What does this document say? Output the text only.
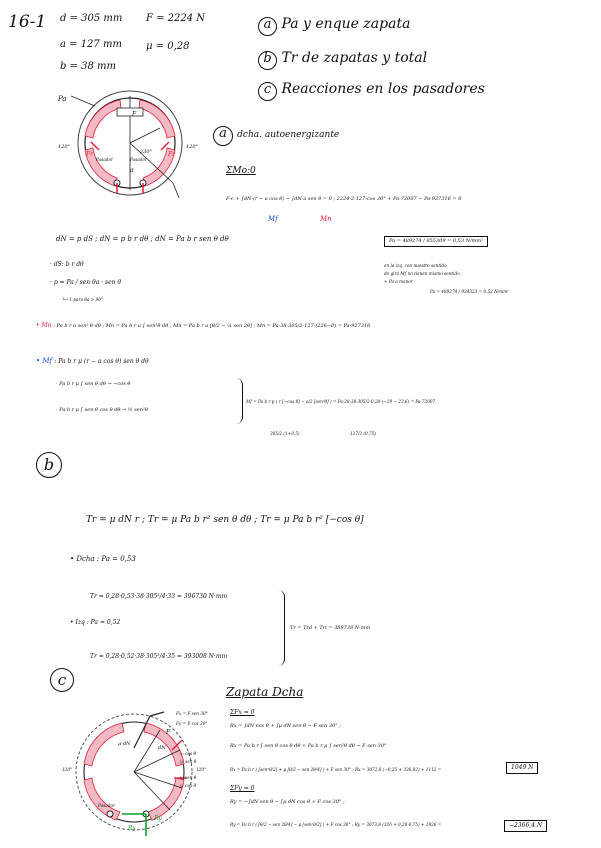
16-1 d = 305 mm
a = 127 mm
b = 38 mm
F = 2224 N
μ = 0,28
a Pa y enque zapata
b Tr de zapatas y total
c Reacciones en los pasadores
Pa
120°	120°
Pasador	Pasador
F
230°
a
Fr	Fr
a dcha. autoenergizante
ΣMo:0
F·c + ∫dN·(r − a cos θ) − ∫dN·a sen θ = 0 ; 2224·2·127·cos 30° + Pa·72007 − Pa·927316 = 0
Mf	Mn
Pa = 489274 / 855309 = 0,53 N/mm²
en la izq. con nuestro sentido
de giro Mf no tienen mismo sentido
+ Pa a menor
Pa = 489274 / 934323 = 0,52 N/mm²
dN = p dS ; dN = p b r dθ ; dN = Pa b r sen θ dθ
· dS: b r dθ
· p = Pa / sen θa · sen θ
└→ 1 para θa > 90°
• Mn : Pa b r a sen² θ dθ ; Mn = Pa b r a ∫ sen²θ dθ ; Mn = Pa b r a [θ/2 − ¼ sen 2θ] ; Mn = Pa·38·305/2·127·(226−0) = Pa·927316
• Mf : Pa b r μ (r − a cos θ) sen θ dθ
· Pa b r μ ∫ sen θ dθ → −cos θ
· Pa b r μ ∫ sen θ cos θ dθ → ½ sen²θ
Mf = Pa b r μ ( r [−cos θ] − a/2 [sen²θ] ) = Pa·28·38·305/2·0,28·(−29 − 23,6) = Pa·72007
305/2 (1+0,5)	127/2 (0,75)
b
Tr = μ dN r ; Tr = μ Pa b r² sen θ dθ ; Tr = μ Pa b r² [−cos θ]
• Dcha : Pa = 0,53
Tr = 0,28·0,53·38·305²/4·33 = 396730 N·mm
• Izq : Pa = 0,52
Tr = 0,28·0,52·38·305²/4·35 = 393008 N·mm
Tr = Trd + Tri = 389738 N·mm
c
Fx = F sen 30°
Fy = F cos 30°
μ dN
dN
F
120°	120°
Pasador
Rx
Ry
x: cos θ
y: sen θ
x: sen θ
y: cos θ
Zapata Dcha
ΣFx = 0
Rx = ∫dN cos θ + ∫μ dN sen θ − F sen 30° ;
Rx = Pa b r ∫ sen θ cos θ dθ + Pa b r μ ∫ sen²θ dθ − F sen 30°
Rx = Pa b r ( [sen²θ/2] + μ [θ/2 − sen 2θ/4] ) + F sen 30° ; Rx = 3072,8 (−0,25 + 336,02) + 1112 =	1049 N
ΣFy = 0
Ry = −∫dN sen θ − ∫μ dN cos θ + F cos 30° ;
Ry = Pa b r ( [θ/2 − sen 2θ/4] − μ [sen²θ/2] ) + F cos 30° ; Ry = 3073,8 (326 + 0,28·0,75) + 1926 =	−2366,4 N
